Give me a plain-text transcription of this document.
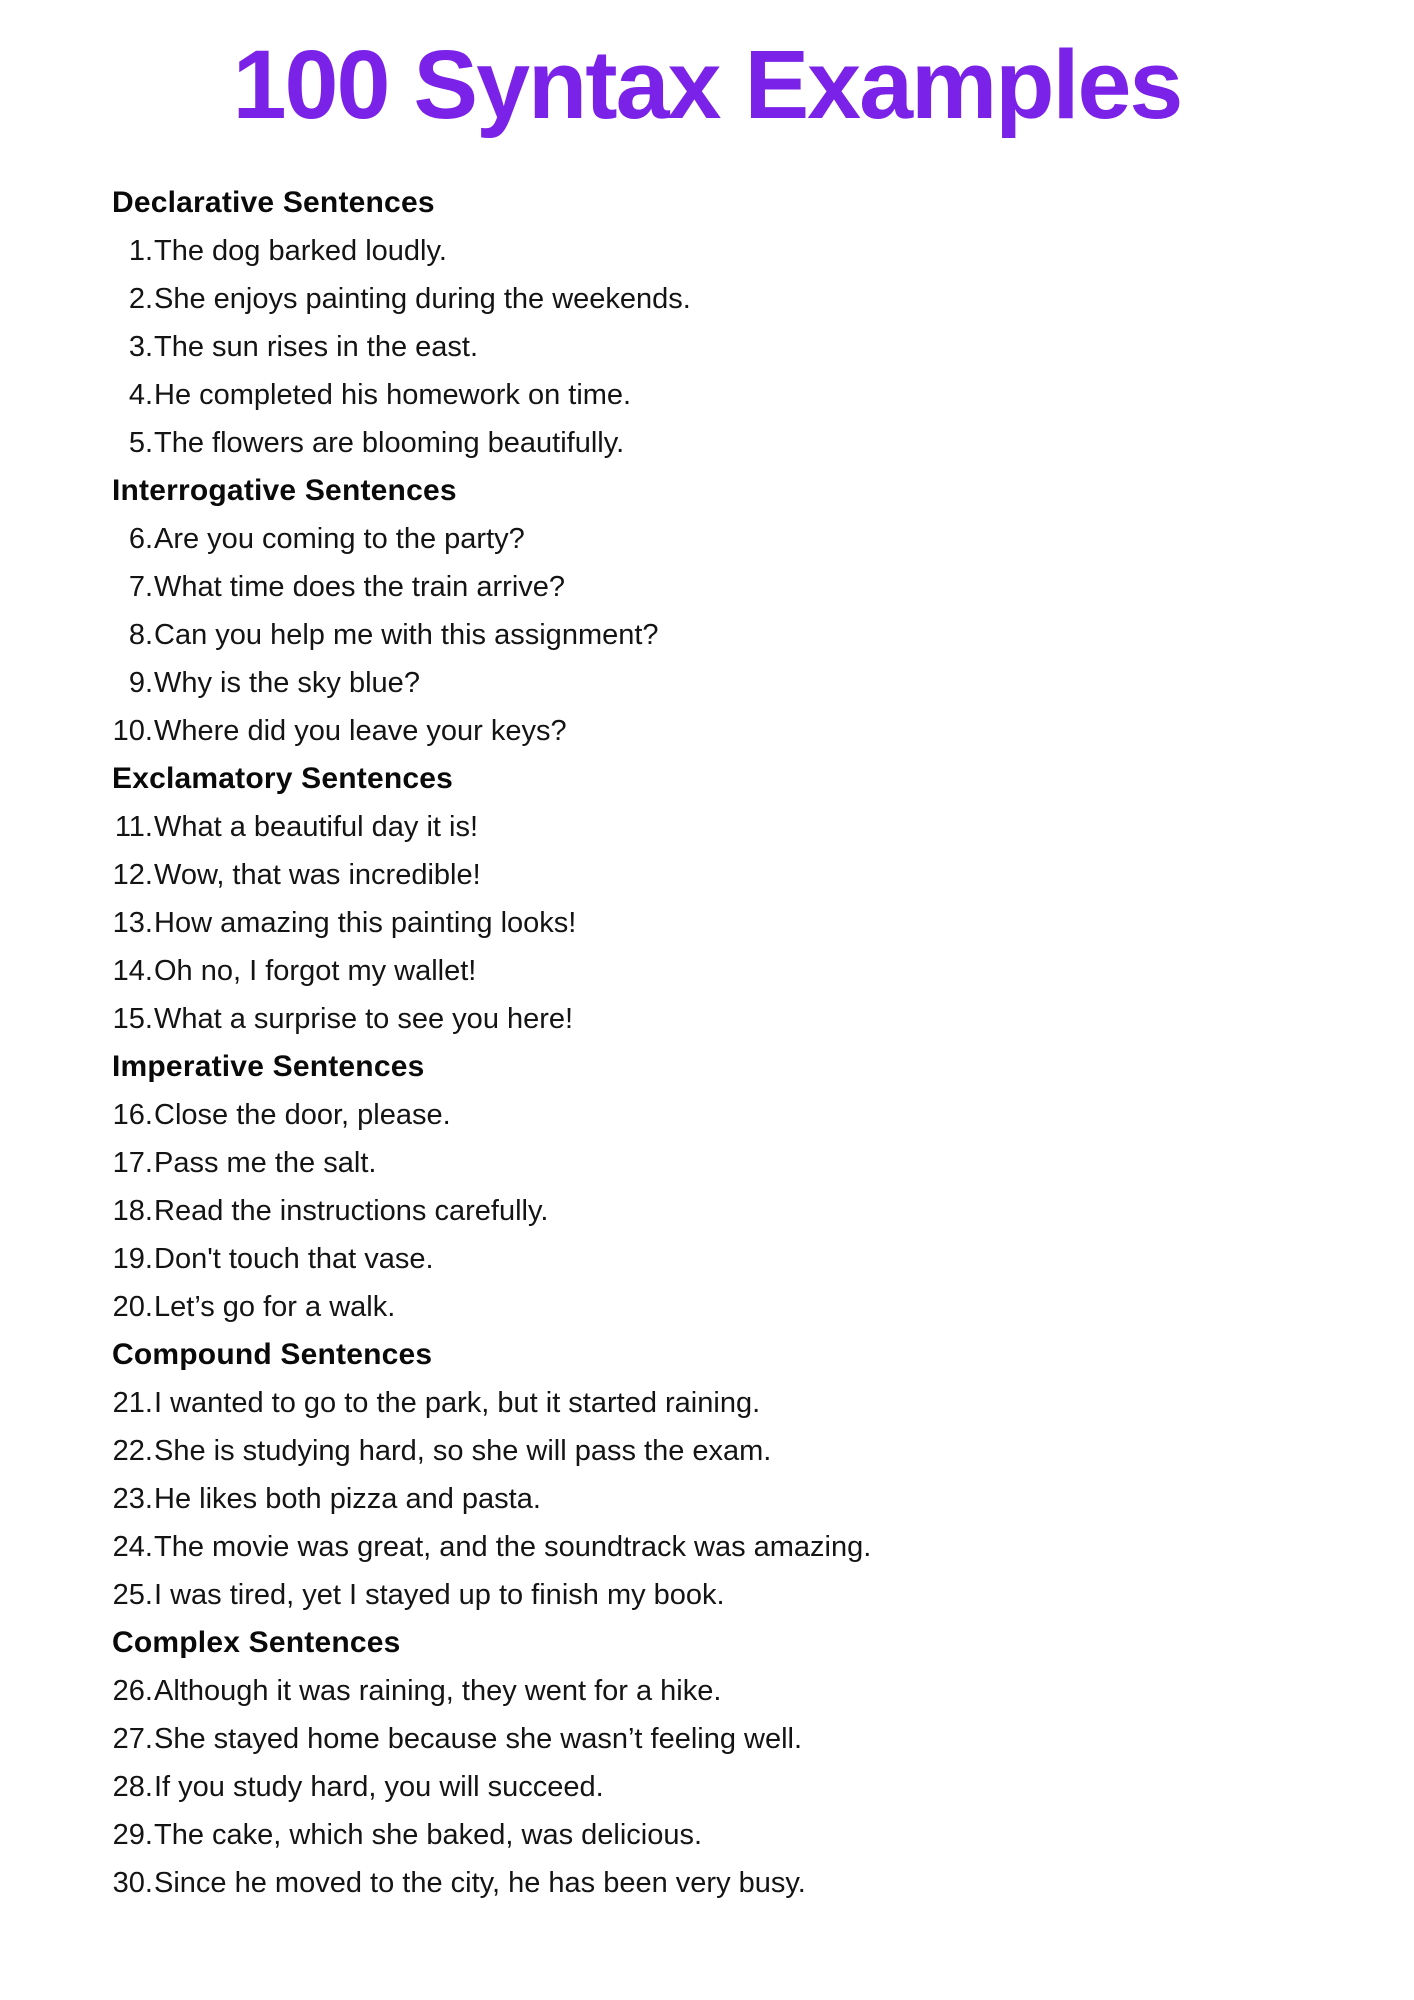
100 Syntax Examples
Declarative Sentences
1. The dog barked loudly.
2. She enjoys painting during the weekends.
3. The sun rises in the east.
4. He completed his homework on time.
5. The flowers are blooming beautifully.
Interrogative Sentences
6. Are you coming to the party?
7. What time does the train arrive?
8. Can you help me with this assignment?
9. Why is the sky blue?
10. Where did you leave your keys?
Exclamatory Sentences
11. What a beautiful day it is!
12. Wow, that was incredible!
13. How amazing this painting looks!
14. Oh no, I forgot my wallet!
15. What a surprise to see you here!
Imperative Sentences
16. Close the door, please.
17. Pass me the salt.
18. Read the instructions carefully.
19. Don't touch that vase.
20. Let’s go for a walk.
Compound Sentences
21. I wanted to go to the park, but it started raining.
22. She is studying hard, so she will pass the exam.
23. He likes both pizza and pasta.
24. The movie was great, and the soundtrack was amazing.
25. I was tired, yet I stayed up to finish my book.
Complex Sentences
26. Although it was raining, they went for a hike.
27. She stayed home because she wasn’t feeling well.
28. If you study hard, you will succeed.
29. The cake, which she baked, was delicious.
30. Since he moved to the city, he has been very busy.
